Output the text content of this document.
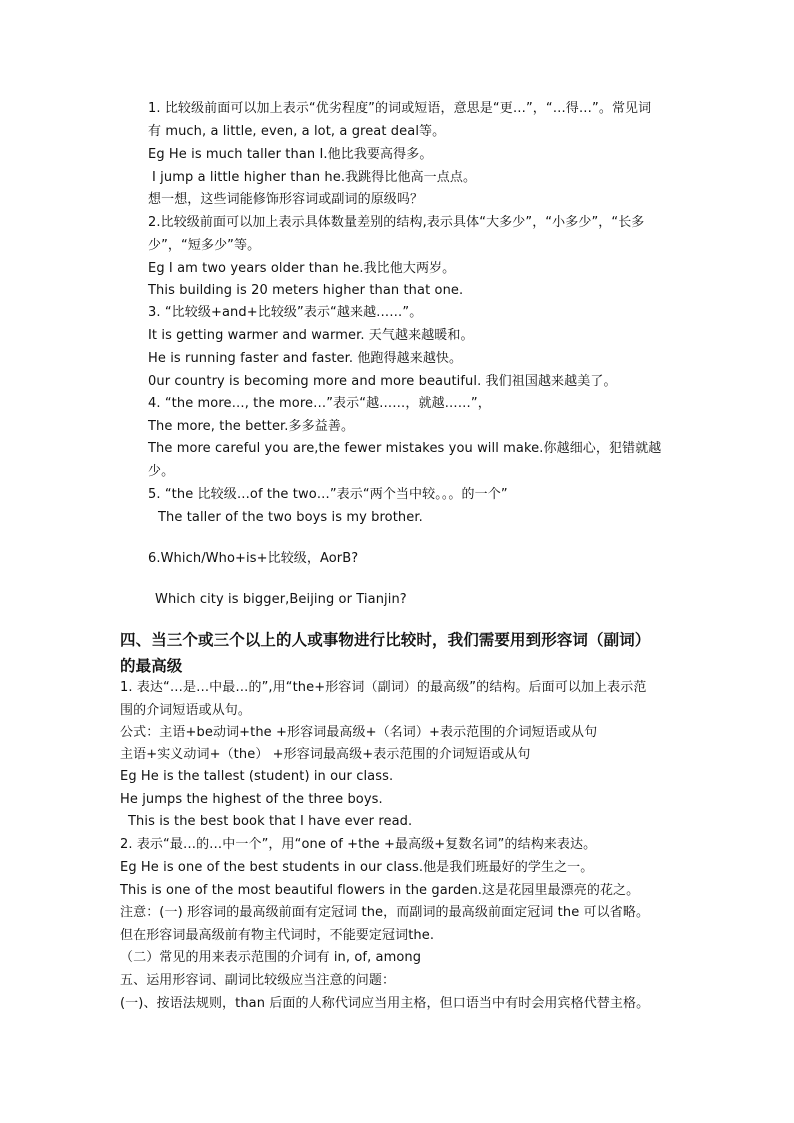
1. 比较级前面可以加上表示“优劣程度”的词或短语，意思是“更…”，“…得…”。常见词
有 much, a little, even, a lot, a great deal等。
Eg He is much taller than I.他比我要高得多。
I jump a little higher than he.我跳得比他高一点点。
想一想，这些词能修饰形容词或副词的原级吗？
2.比较级前面可以加上表示具体数量差别的结构,表示具体“大多少”，“小多少”，“长多
少”，“短多少”等。
Eg I am two years older than he.我比他大两岁。
This building is 20 meters higher than that one.
3. “比较级+and+比较级”表示“越来越……”。
It is getting warmer and warmer. 天气越来越暖和。
He is running faster and faster. 他跑得越来越快。
0ur country is becoming more and more beautiful. 我们祖国越来越美了。
4. “the more…, the more…”表示“越……，就越……”，
The more, the better.多多益善。
The more careful you are,the fewer mistakes you will make.你越细心，犯错就越
少。
5. “the 比较级…of the two…”表示“两个当中较。。。的一个”
The taller of the two boys is my brother.
6.Which/Who+is+比较级，AorB?
Which city is bigger,Beijing or Tianjin?
四、当三个或三个以上的人或事物进行比较时，我们需要用到形容词（副词）
的最高级
1. 表达“…是…中最…的”,用“the+形容词（副词）的最高级”的结构。后面可以加上表示范
围的介词短语或从句。
公式：主语+be动词+the +形容词最高级+（名词）+表示范围的介词短语或从句
主语+实义动词+（the） +形容词最高级+表示范围的介词短语或从句
Eg He is the tallest (student) in our class.
He jumps the highest of the three boys.
This is the best book that I have ever read.
2. 表示“最…的…中一个”，用“one of +the +最高级+复数名词”的结构来表达。
Eg He is one of the best students in our class.他是我们班最好的学生之一。
This is one of the most beautiful flowers in the garden.这是花园里最漂亮的花之。
注意：(一) 形容词的最高级前面有定冠词 the，而副词的最高级前面定冠词 the 可以省略。
但在形容词最高级前有物主代词时，不能要定冠词the.
（二）常见的用来表示范围的介词有 in, of, among
五、运用形容词、副词比较级应当注意的问题：
(一)、按语法规则，than 后面的人称代词应当用主格，但口语当中有时会用宾格代替主格。
